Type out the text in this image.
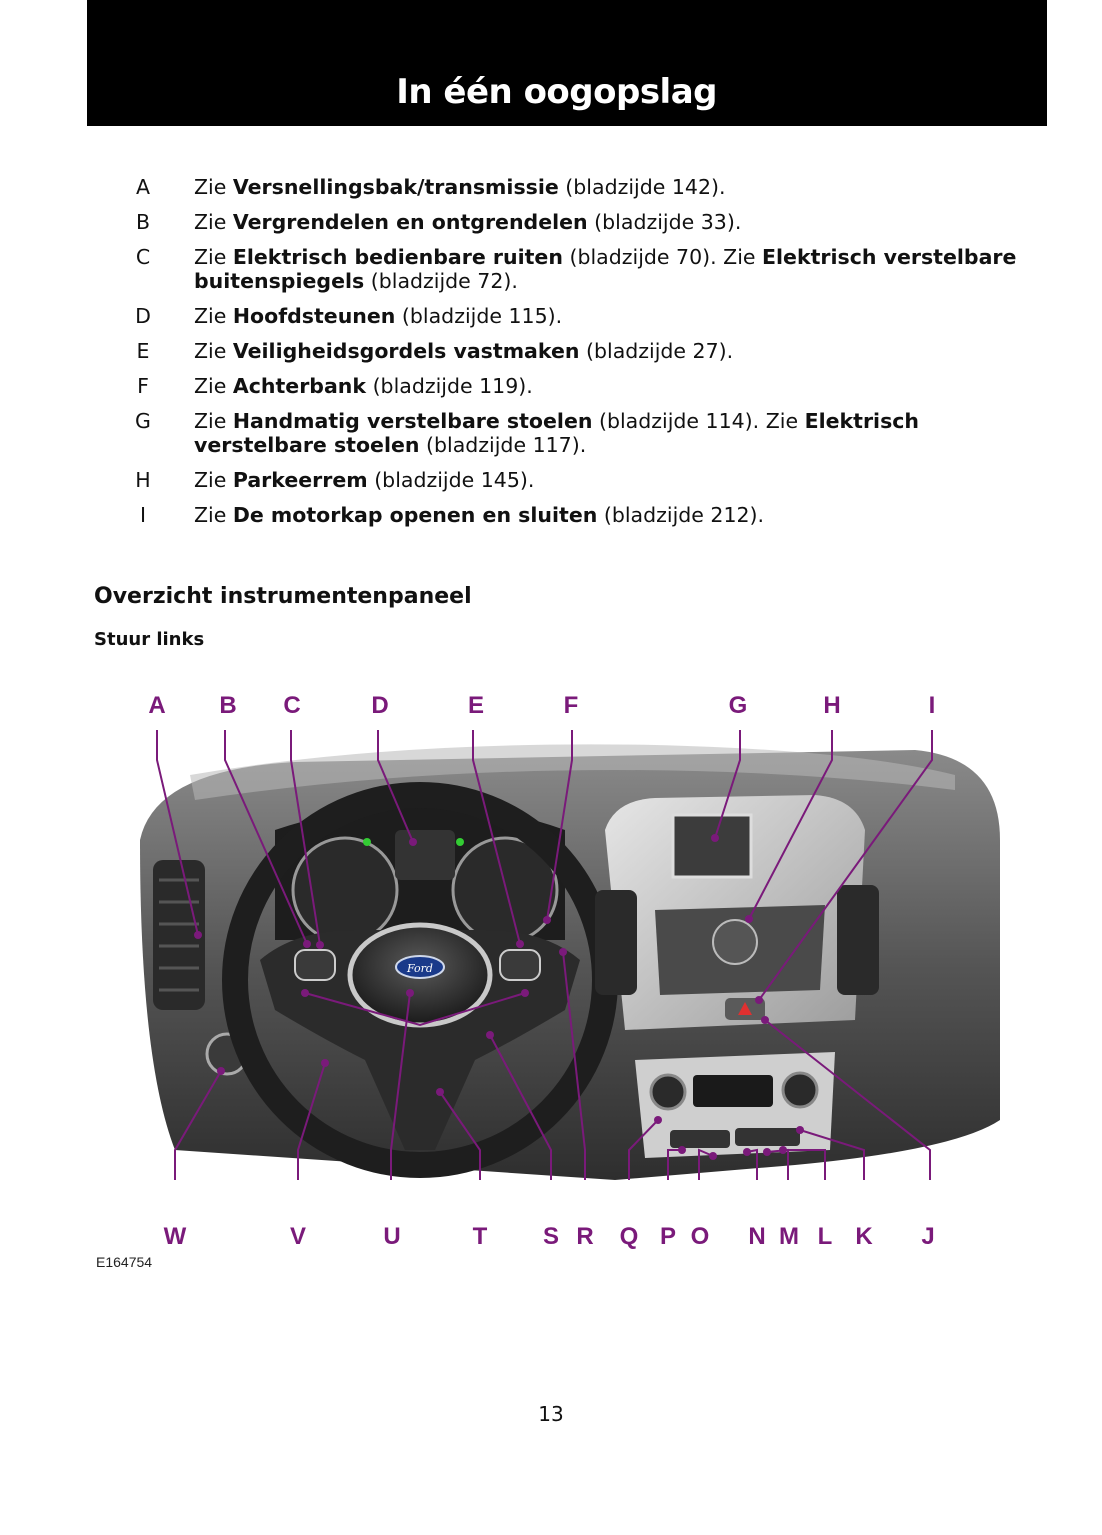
In één oogopslag
A Zie Versnellingsbak/transmissie (bladzijde 142).
B Zie Vergrendelen en ontgrendelen (bladzijde 33).
C Zie Elektrisch bedienbare ruiten (bladzijde 70). Zie Elektrisch verstelbare buitenspiegels (bladzijde 72).
D Zie Hoofdsteunen (bladzijde 115).
E Zie Veiligheidsgordels vastmaken (bladzijde 27).
F Zie Achterbank (bladzijde 119).
G Zie Handmatig verstelbare stoelen (bladzijde 114). Zie Elektrisch verstelbare stoelen (bladzijde 117).
H Zie Parkeerrem (bladzijde 145).
I	Zie De motorkap openen en sluiten (bladzijde 212).
Overzicht instrumentenpaneel
Stuur links
Ford
A B C	D	E	F	G	H	I
W	V	U	T S R Q P O N M L K J
E164754
13
